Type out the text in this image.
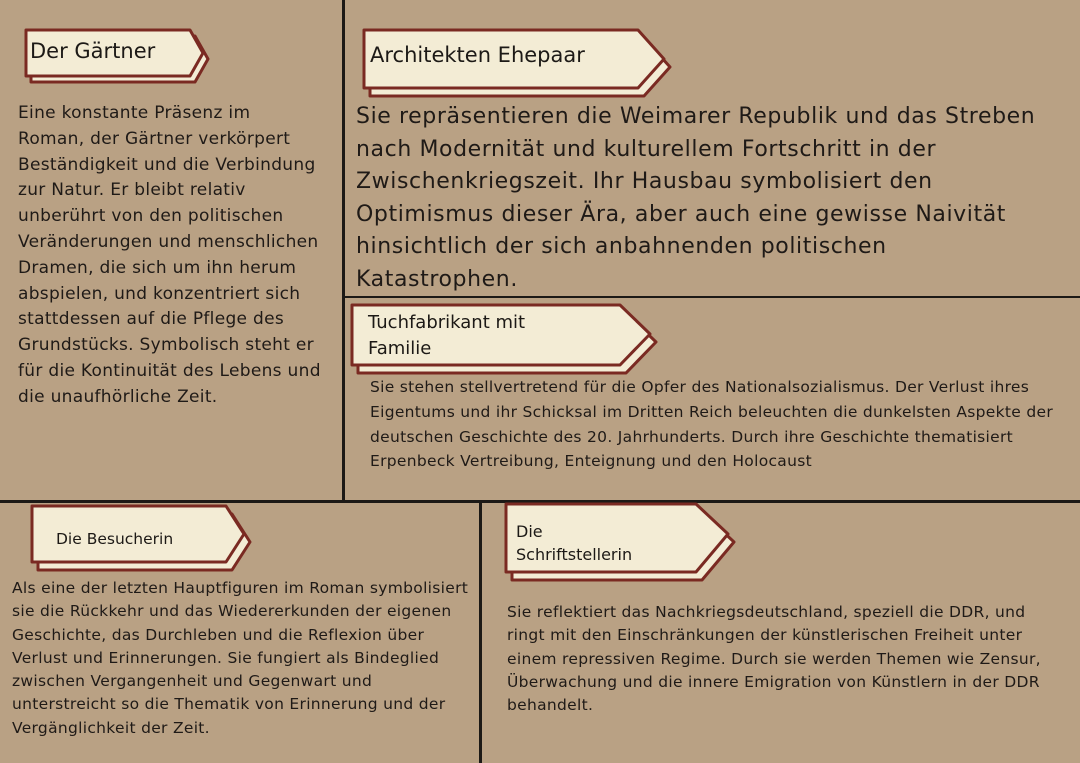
Der Gärtner

Eine konstante Präsenz im Roman, der Gärtner verkörpert Beständigkeit und die Verbindung zur Natur. Er bleibt relativ unberührt von den politischen Veränderungen und menschlichen Dramen, die sich um ihn herum abspielen, und konzentriert sich stattdessen auf die Pflege des Grundstücks. Symbolisch steht er für die Kontinuität des Lebens und die unaufhörliche Zeit.

Architekten Ehepaar

Sie repräsentieren die Weimarer Republik und das Streben nach Modernität und kulturellem Fortschritt in der Zwischenkriegszeit. Ihr Hausbau symbolisiert den Optimismus dieser Ära, aber auch eine gewisse Naivität hinsichtlich der sich anbahnenden politischen Katastrophen.

Tuchfabrikant mit

Familie

Sie stehen stellvertretend für die Opfer des Nationalsozialismus. Der Verlust ihres Eigentums und ihr Schicksal im Dritten Reich beleuchten die dunkelsten Aspekte der deutschen Geschichte des 20. Jahrhunderts. Durch ihre Geschichte thematisiert Erpenbeck Vertreibung, Enteignung und den Holocaust

Die Besucherin

Als eine der letzten Hauptfiguren im Roman symbolisiert sie die Rückkehr und das Wiedererkunden der eigenen Geschichte, das Durchleben und die Reflexion über Verlust und Erinnerungen. Sie fungiert als Bindeglied zwischen Vergangenheit und Gegenwart und unterstreicht so die Thematik von Erinnerung und der Vergänglichkeit der Zeit.

Die

Schriftstellerin

Sie reflektiert das Nachkriegsdeutschland, speziell die DDR, und ringt mit den Einschränkungen der künstlerischen Freiheit unter einem repressiven Regime. Durch sie werden Themen wie Zensur, Überwachung und die innere Emigration von Künstlern in der DDR behandelt.
